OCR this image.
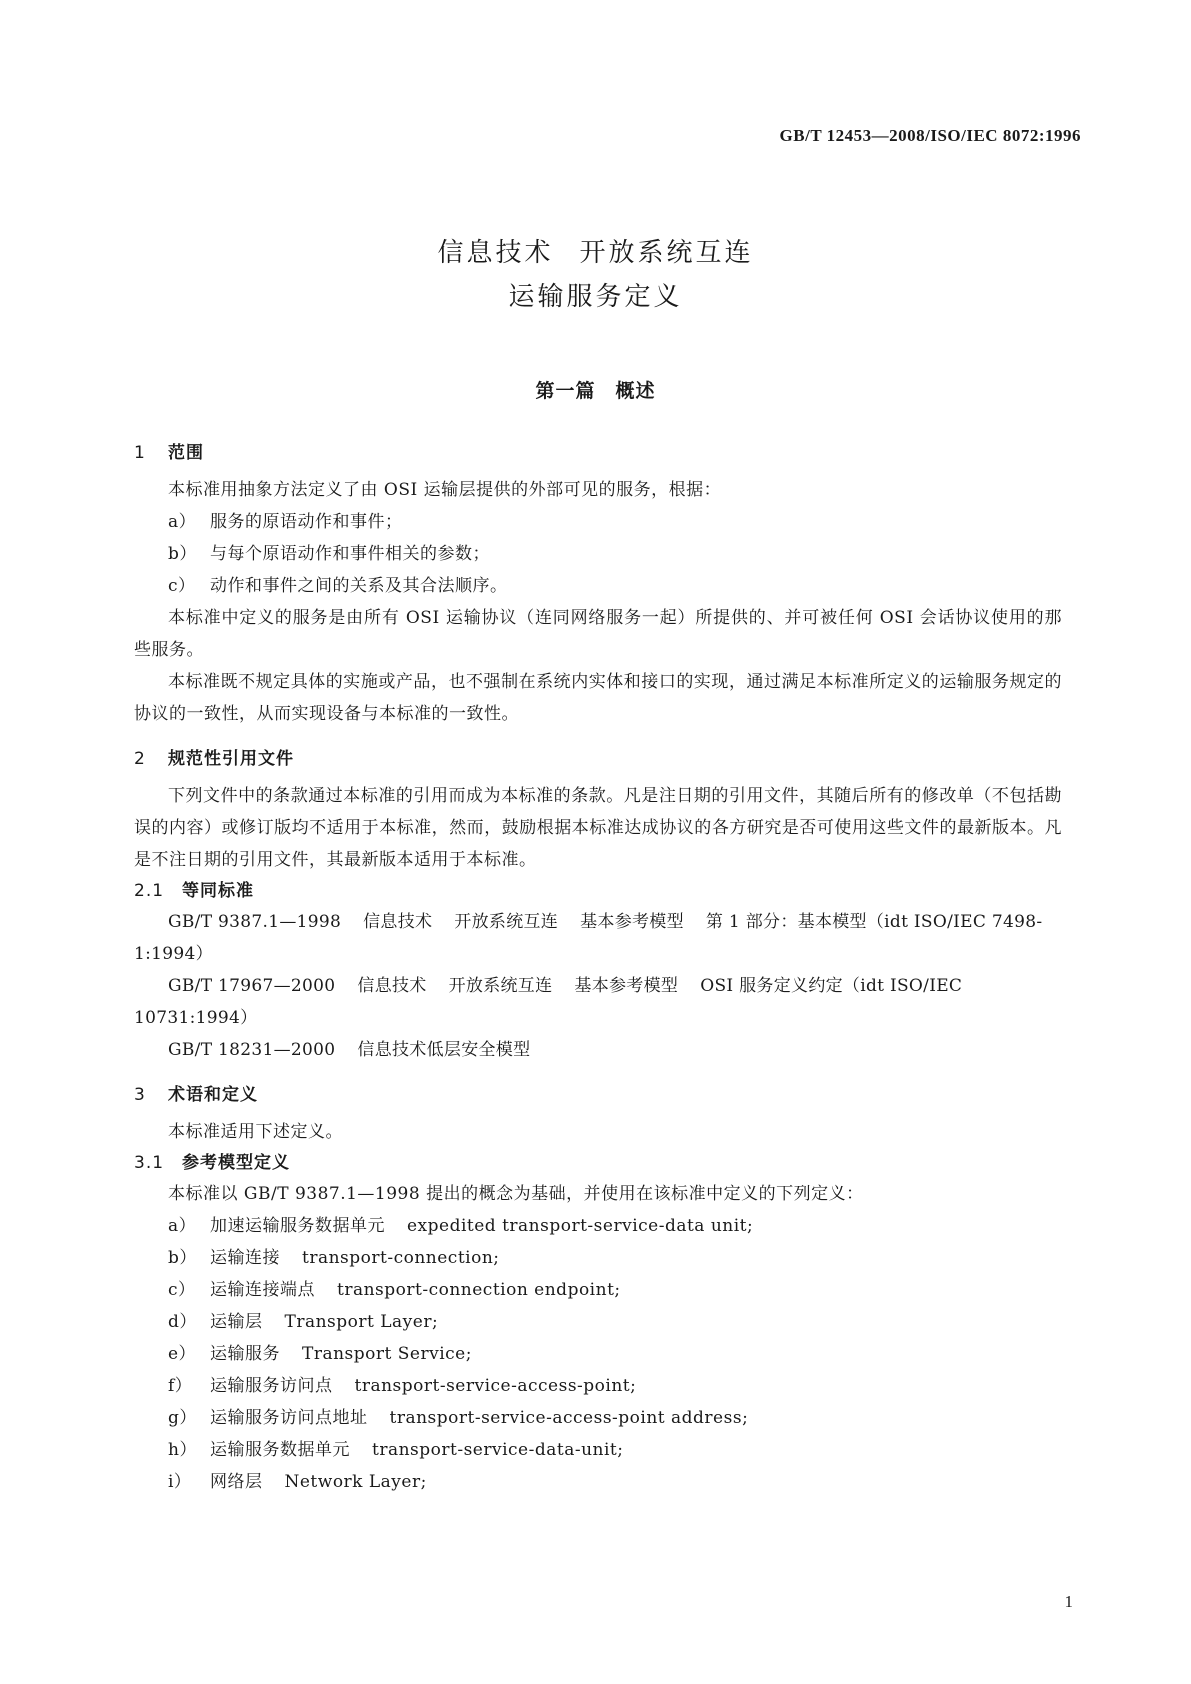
GB/T 12453—2008/ISO/IEC 8072:1996
信息技术 开放系统互连
运输服务定义
第一篇 概述
1 范围

本标准用抽象方法定义了由 OSI 运输层提供的外部可见的服务，根据：

a） 服务的原语动作和事件；

b） 与每个原语动作和事件相关的参数；

c） 动作和事件之间的关系及其合法顺序。

本标准中定义的服务是由所有 OSI 运输协议（连同网络服务一起）所提供的、并可被任何 OSI 会话协议使用的那些服务。

本标准既不规定具体的实施或产品，也不强制在系统内实体和接口的实现，通过满足本标准所定义的运输服务规定的协议的一致性，从而实现设备与本标准的一致性。

2 规范性引用文件

下列文件中的条款通过本标准的引用而成为本标准的条款。凡是注日期的引用文件，其随后所有的修改单（不包括勘误的内容）或修订版均不适用于本标准，然而，鼓励根据本标准达成协议的各方研究是否可使用这些文件的最新版本。凡是不注日期的引用文件，其最新版本适用于本标准。

2.1 等同标准

GB/T 9387.1—1998 信息技术 开放系统互连 基本参考模型 第 1 部分：基本模型（idt ISO/IEC 7498-1:1994）

GB/T 17967—2000 信息技术 开放系统互连 基本参考模型 OSI 服务定义约定（idt ISO/IEC 10731:1994）

GB/T 18231—2000 信息技术低层安全模型

3 术语和定义

本标准适用下述定义。

3.1 参考模型定义

本标准以 GB/T 9387.1—1998 提出的概念为基础，并使用在该标准中定义的下列定义：

a） 加速运输服务数据单元 expedited transport-service-data unit;

b） 运输连接 transport-connection;

c） 运输连接端点 transport-connection endpoint;

d） 运输层 Transport Layer;

e） 运输服务 Transport Service;

f） 运输服务访问点 transport-service-access-point;

g） 运输服务访问点地址 transport-service-access-point address;

h） 运输服务数据单元 transport-service-data-unit;

i） 网络层 Network Layer;

1
